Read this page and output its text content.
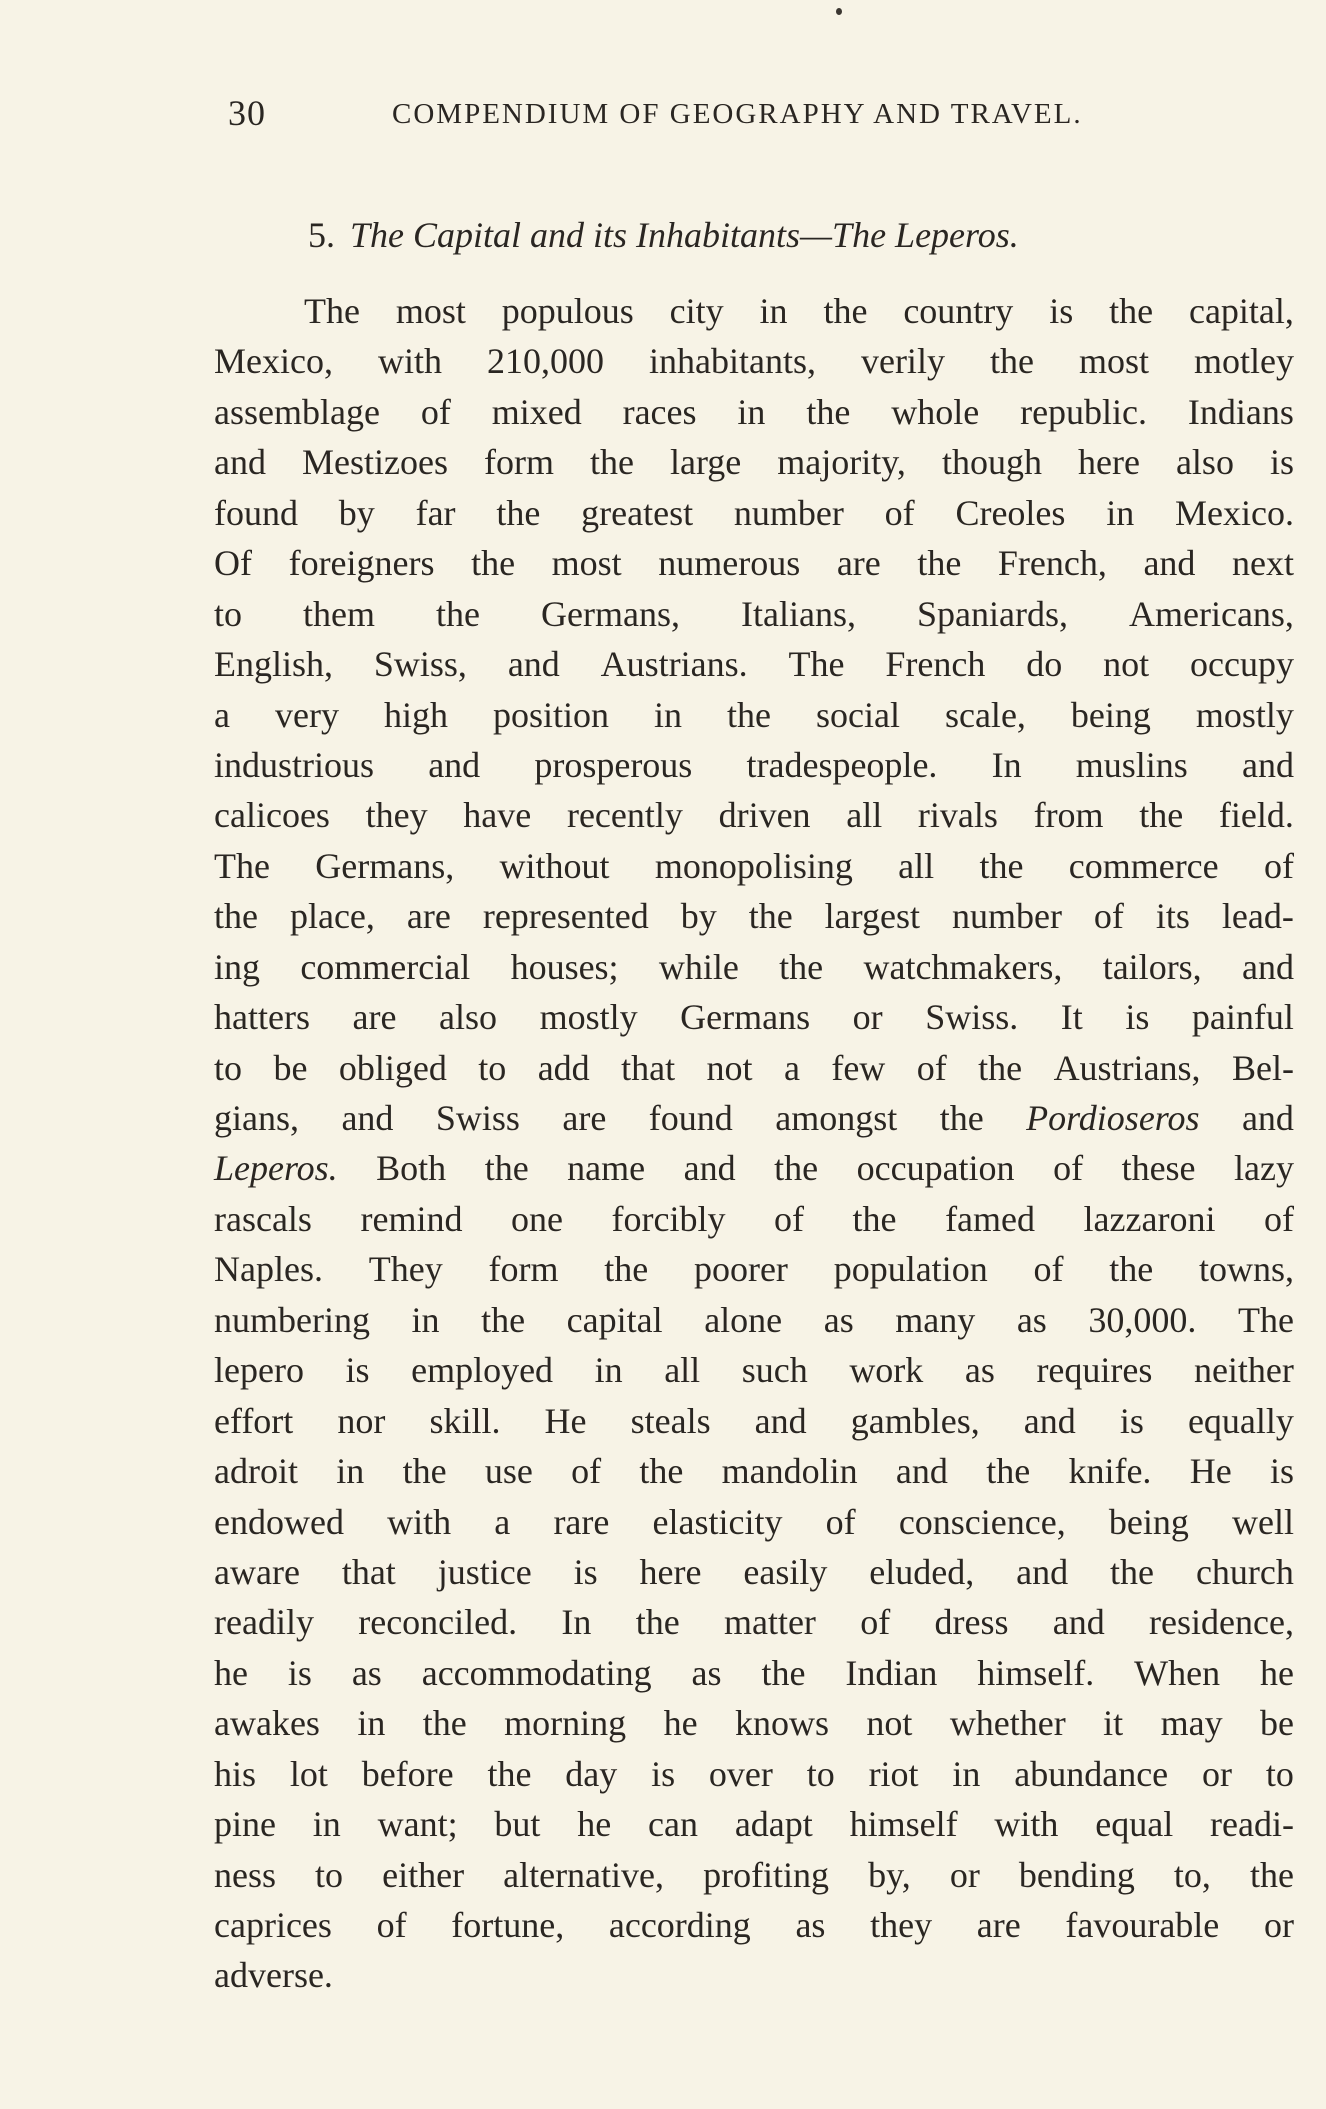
30	COMPENDIUM OF GEOGRAPHY AND TRAVEL.
5. The Capital and its Inhabitants—The Leperos.
The most populous city in the country is the capital,
Mexico, with 210,000 inhabitants, verily the most motley
assemblage of mixed races in the whole republic. Indians
and Mestizoes form the large majority, though here also is
found by far the greatest number of Creoles in Mexico.
Of foreigners the most numerous are the French, and next
to them the Germans, Italians, Spaniards, Americans,
English, Swiss, and Austrians. The French do not occupy
a very high position in the social scale, being mostly
industrious and prosperous tradespeople. In muslins and
calicoes they have recently driven all rivals from the field.
The Germans, without monopolising all the commerce of
the place, are represented by the largest number of its lead-
ing commercial houses; while the watchmakers, tailors, and
hatters are also mostly Germans or Swiss. It is painful
to be obliged to add that not a few of the Austrians, Bel-
gians, and Swiss are found amongst the Pordioseros and
Leperos. Both the name and the occupation of these lazy
rascals remind one forcibly of the famed lazzaroni of
Naples. They form the poorer population of the towns,
numbering in the capital alone as many as 30,000. The
lepero is employed in all such work as requires neither
effort nor skill. He steals and gambles, and is equally
adroit in the use of the mandolin and the knife. He is
endowed with a rare elasticity of conscience, being well
aware that justice is here easily eluded, and the church
readily reconciled. In the matter of dress and residence,
he is as accommodating as the Indian himself. When he
awakes in the morning he knows not whether it may be
his lot before the day is over to riot in abundance or to
pine in want; but he can adapt himself with equal readi-
ness to either alternative, profiting by, or bending to, the
caprices of fortune, according as they are favourable or
adverse.
